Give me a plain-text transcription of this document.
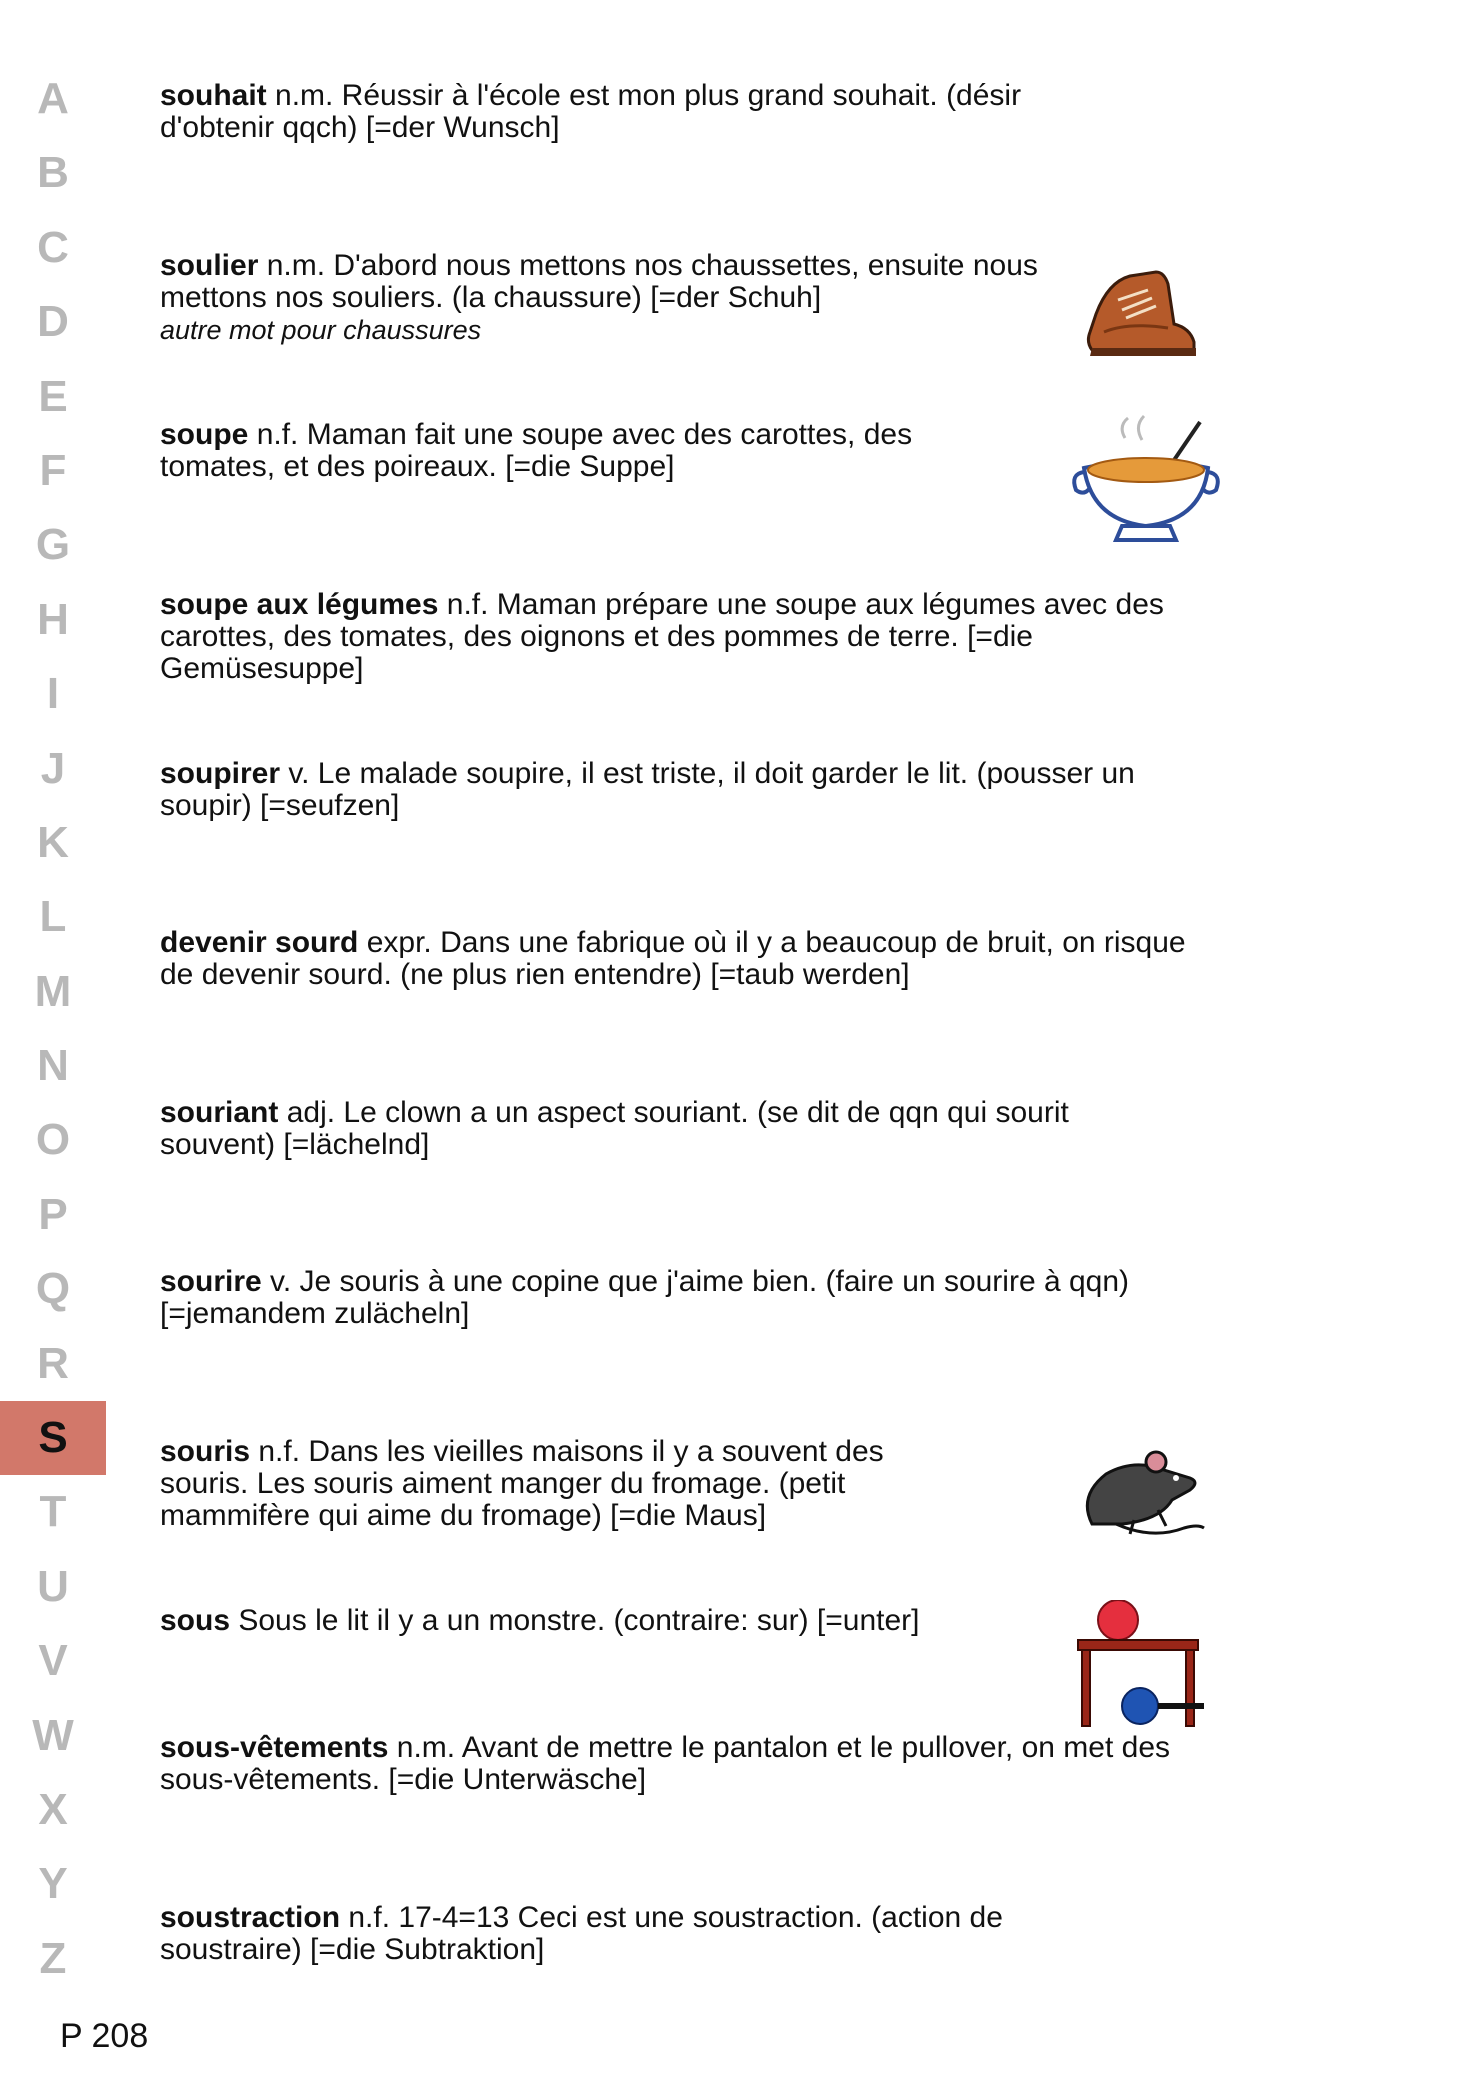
A
B
C
D
E
F
G
H
I
J
K
L
M
N
O
P
Q
R
S
T
U
V
W
X
Y
Z
souhait n.m. Réussir à l'école est mon plus grand souhait. (désir d'obtenir qqch) [=der Wunsch]
soulier n.m. D'abord nous mettons nos chaussettes, ensuite nous mettons nos souliers. (la chaussure) [=der Schuh]
autre mot pour chaussures
soupe n.f. Maman fait une soupe avec des carottes, des tomates, et des poireaux. [=die Suppe]
soupe aux légumes n.f. Maman prépare une soupe aux légumes avec des carottes, des tomates, des oignons et des pommes de terre. [=die Gemüsesuppe]
soupirer v. Le malade soupire, il est triste, il doit garder le lit. (pousser un soupir) [=seufzen]
devenir sourd expr. Dans une fabrique où il y a beaucoup de bruit, on risque de devenir sourd. (ne plus rien entendre) [=taub werden]
souriant adj. Le clown a un aspect souriant. (se dit de qqn qui sourit souvent) [=lächelnd]
sourire v. Je souris à une copine que j'aime bien. (faire un sourire à qqn) [=jemandem zulächeln]
souris n.f. Dans les vieilles maisons il y a souvent des souris. Les souris aiment manger du fromage. (petit mammifère qui aime du fromage) [=die Maus]
sous Sous le lit il y a un monstre. (contraire: sur) [=unter]
sous-vêtements n.m. Avant de mettre le pantalon et le pullover, on met des sous-vêtements. [=die Unterwäsche]
soustraction n.f. 17-4=13 Ceci est une soustraction. (action de soustraire) [=die Subtraktion]
P 208
